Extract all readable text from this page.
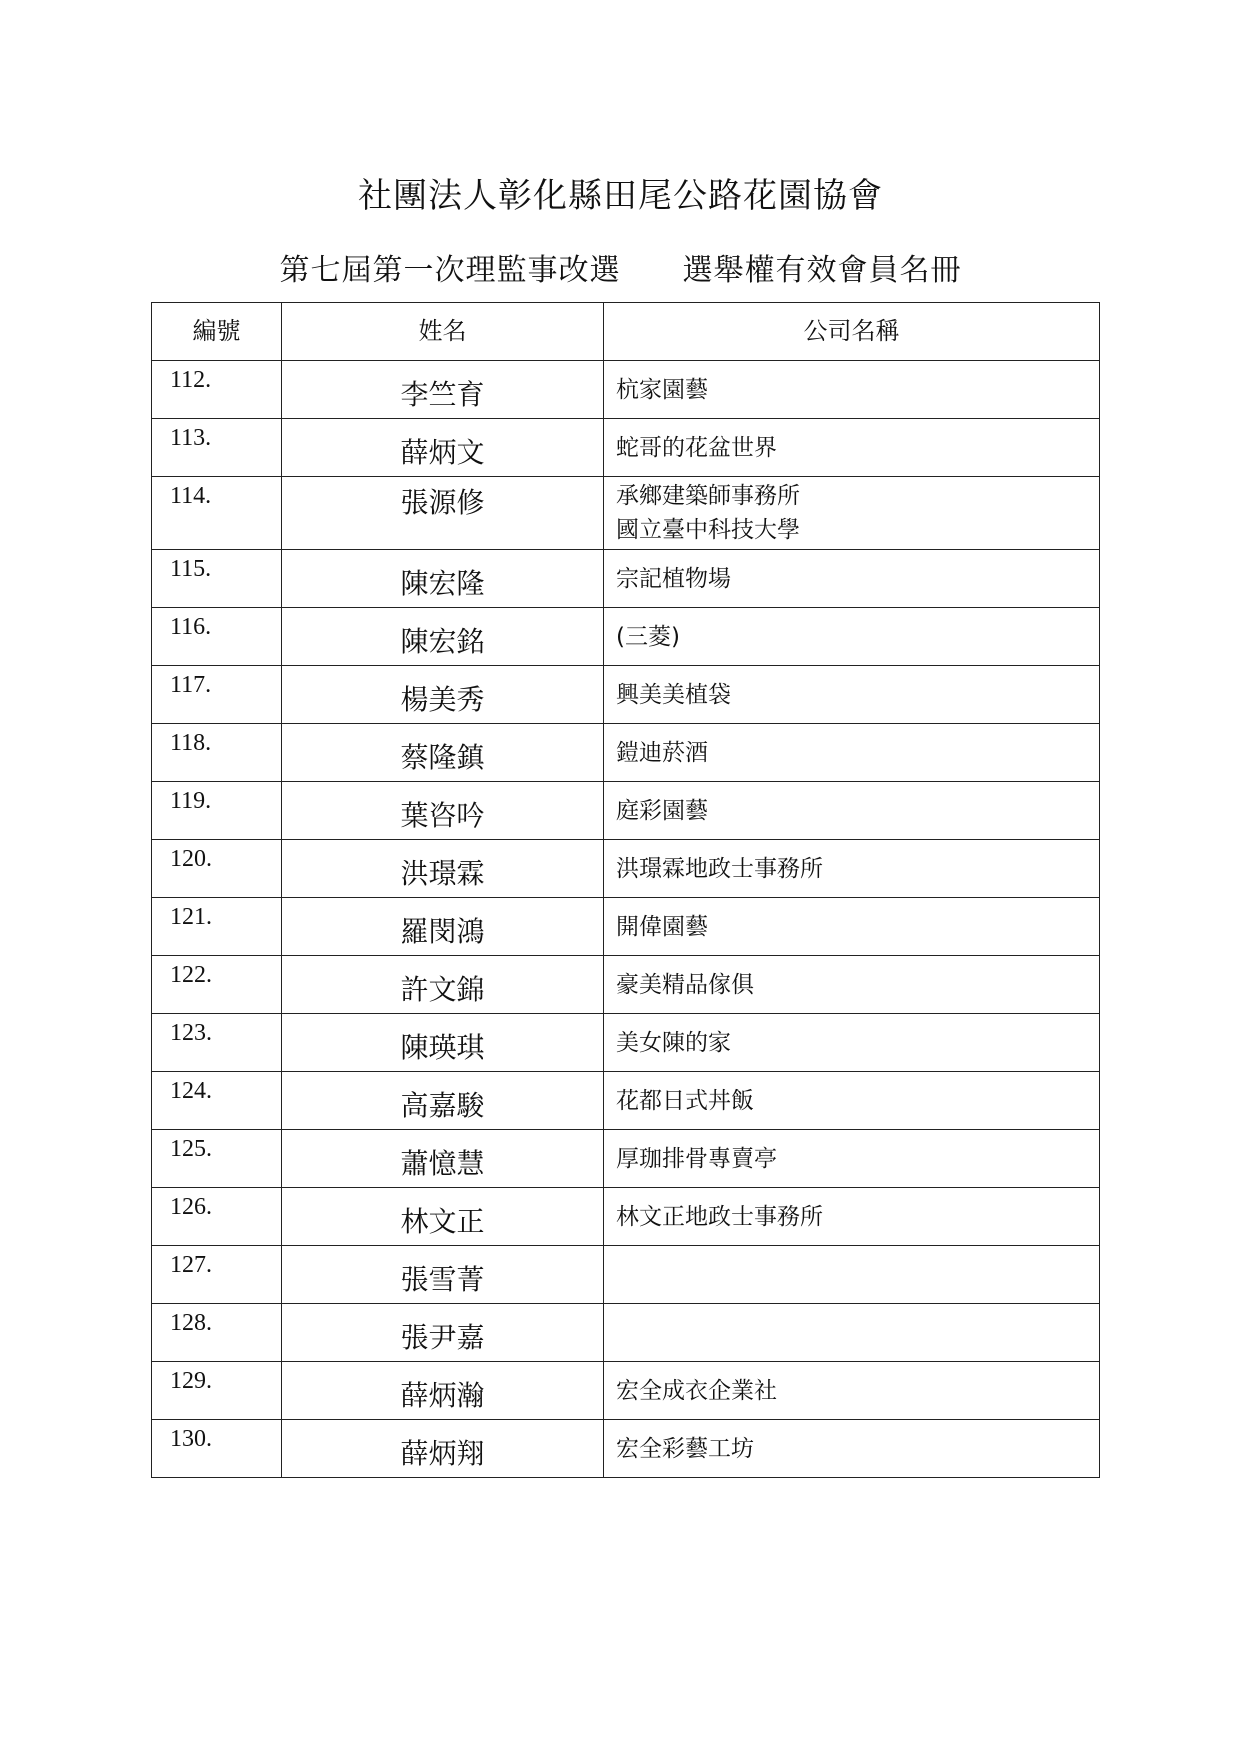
社團法人彰化縣田尾公路花園協會
第七屆第一次理監事改選　　選舉權有效會員名冊
編號	姓名	公司名稱
112.	李竺育	杭家園藝

113.	薛炳文	蛇哥的花盆世界

114.	張源修	承鄉建築師事務所
國立臺中科技大學

115.	陳宏隆	宗記植物場

116.	陳宏銘	(三菱)

117.	楊美秀	興美美植袋

118.	蔡隆鎮	鎧迪菸酒

119.	葉咨吟	庭彩園藝

120.	洪璟霖	洪璟霖地政士事務所

121.	羅閔鴻	開偉園藝

122.	許文錦	豪美精品傢俱

123.	陳瑛琪	美女陳的家

124.	高嘉駿	花都日式丼飯

125.	蕭憶慧	厚珈排骨專賣亭

126.	林文正	林文正地政士事務所

127.	張雪菁	

128.	張尹嘉	

129.	薛炳瀚	宏全成衣企業社

130.	薛炳翔	宏全彩藝工坊
